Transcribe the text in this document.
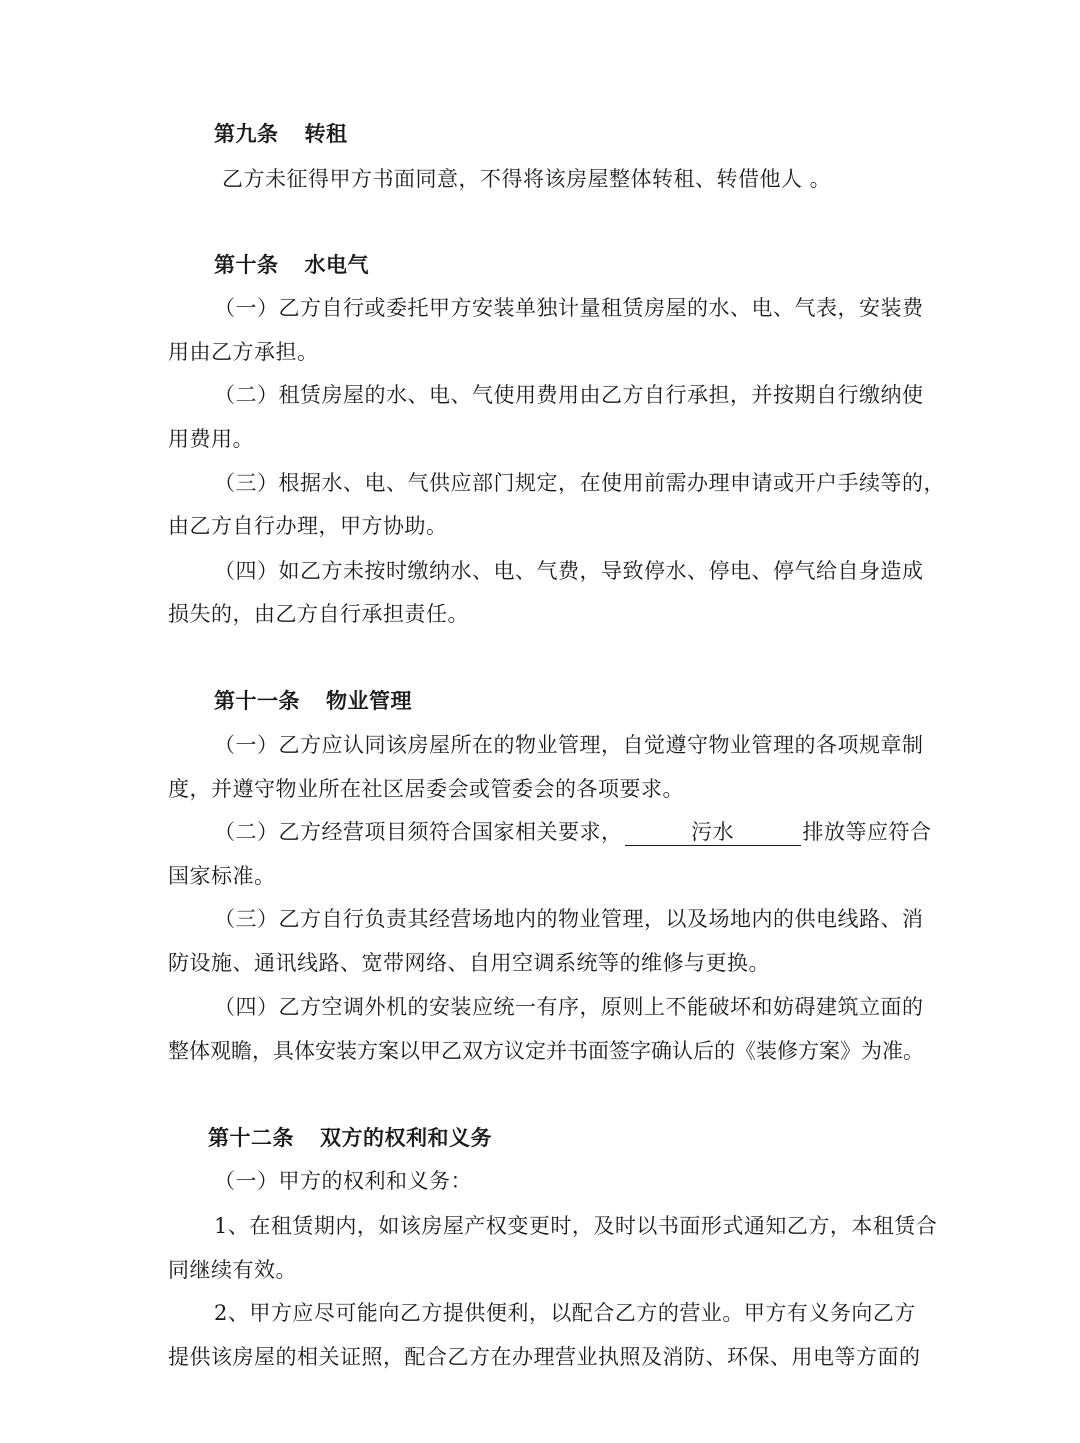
第九条 转租
乙方未征得甲方书面同意，不得将该房屋整体转租、转借他人 。
第十条 水电气
（一）乙方自行或委托甲方安装单独计量租赁房屋的水、电、气表，安装费
用由乙方承担。
（二）租赁房屋的水、电、气使用费用由乙方自行承担，并按期自行缴纳使
用费用。
（三）根据水、电、气供应部门规定，在使用前需办理申请或开户手续等的，
由乙方自行办理，甲方协助。
（四）如乙方未按时缴纳水、电、气费，导致停水、停电、停气给自身造成
损失的，由乙方自行承担责任。
第十一条 物业管理
（一）乙方应认同该房屋所在的物业管理，自觉遵守物业管理的各项规章制
度，并遵守物业所在社区居委会或管委会的各项要求。
（二）乙方经营项目须符合国家相关要求，	污水	排放等应符合
国家标准。
（三）乙方自行负责其经营场地内的物业管理，以及场地内的供电线路、消
防设施、通讯线路、宽带网络、自用空调系统等的维修与更换。
（四）乙方空调外机的安装应统一有序，原则上不能破坏和妨碍建筑立面的
整体观瞻，具体安装方案以甲乙双方议定并书面签字确认后的《装修方案》为准。
第十二条 双方的权利和义务
（一）甲方的权利和义务：
1、在租赁期内，如该房屋产权变更时，及时以书面形式通知乙方，本租赁合
同继续有效。
2、甲方应尽可能向乙方提供便利，以配合乙方的营业。甲方有义务向乙方
提供该房屋的相关证照，配合乙方在办理营业执照及消防、环保、用电等方面的
